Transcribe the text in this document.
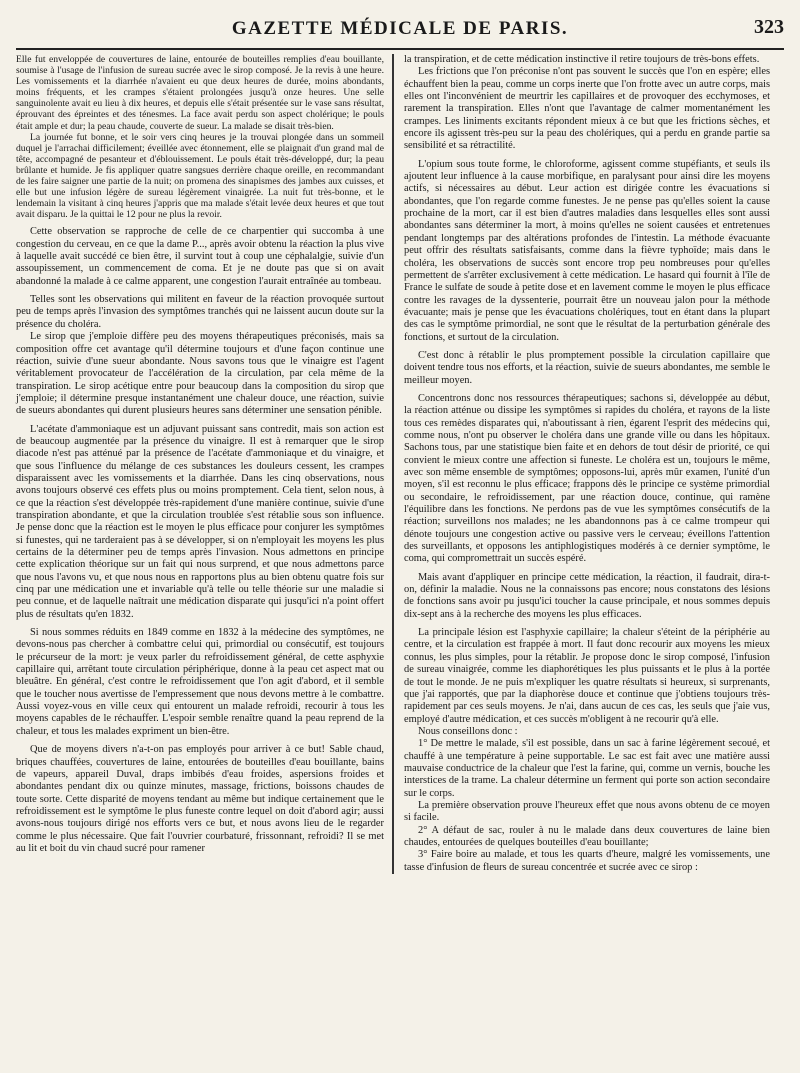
GAZETTE MÉDICALE DE PARIS.	323

Elle fut enveloppée de couvertures de laine, entourée de bouteilles remplies d'eau bouillante, soumise à l'usage de l'infusion de sureau sucrée avec le sirop composé. Je la revis à une heure. Les vomissements et la diarrhée n'avaient eu que deux heures de durée, moins abondants, moins fréquents, et les crampes s'étaient prolongées jusqu'à onze heures. Une selle sanguinolente avait eu lieu à dix heures, et depuis elle s'était présentée sur le vase sans résultat, éprouvant des épreintes et des ténesmes. La face avait perdu son aspect cholérique; le pouls était ample et dur; la peau chaude, couverte de sueur. La malade se disait très-bien.

La journée fut bonne, et le soir vers cinq heures je la trouvai plongée dans un sommeil duquel je l'arrachai difficilement; éveillée avec étonnement, elle se plaignait d'un grand mal de tête, accompagné de pesanteur et d'éblouissement. Le pouls était très-développé, dur; la peau brûlante et humide. Je fis appliquer quatre sangsues derrière chaque oreille, en recommandant de les faire saigner une partie de la nuit; on promena des sinapismes des jambes aux cuisses, et elle but une infusion légère de sureau légèrement vinaigrée. La nuit fut très-bonne, et le lendemain la visitant à cinq heures j'appris que ma malade s'était levée deux heures et que tout avait disparu. Je la quittai le 12 pour ne plus la revoir.

Cette observation se rapproche de celle de ce charpentier qui succomba à une congestion du cerveau, en ce que la dame P..., après avoir obtenu la réaction la plus vive à laquelle avait succédé ce bien être, il survint tout à coup une céphalalgie, suivie d'un assoupissement, un commencement de coma. Et je ne doute pas que si on avait abandonné la malade à ce calme apparent, une congestion l'aurait entraînée au tombeau.

Telles sont les observations qui militent en faveur de la réaction provoquée surtout peu de temps après l'invasion des symptômes tranchés qui ne laissent aucun doute sur la présence du choléra.

Le sirop que j'emploie diffère peu des moyens thérapeutiques préconisés, mais sa composition offre cet avantage qu'il détermine toujours et d'une façon continue une réaction, suivie d'une sueur abondante. Nous savons tous que le vinaigre est l'agent véritablement provocateur de l'accélération de la circulation, par cela même de la transpiration. Le sirop acétique entre pour beaucoup dans la composition du sirop que j'emploie; il détermine presque instantanément une chaleur douce, une réaction, suivie de sueurs abondantes qui durent plusieurs heures sans déterminer une sensation pénible.

L'acétate d'ammoniaque est un adjuvant puissant sans contredit, mais son action est de beaucoup augmentée par la présence du vinaigre. Il est à remarquer que le sirop diacode n'est pas atténué par la présence de l'acétate d'ammoniaque et du vinaigre, et que sous l'influence du mélange de ces substances les douleurs cessent, les crampes disparaissent avec les vomissements et la diarrhée. Dans les cinq observations, nous avons toujours observé ces effets plus ou moins promptement. Cela tient, selon nous, à ce que la réaction s'est développée très-rapidement d'une manière continue, suivie d'une transpiration abondante, et que la circulation troublée s'est rétablie sous son influence. Je pense donc que la réaction est le moyen le plus efficace pour conjurer les symptômes si funestes, qui ne tarderaient pas à se développer, si on n'employait les moyens les plus certains de la déterminer peu de temps après l'invasion. Nous admettons en principe cette explication théorique sur un fait qui nous surprend, et que nous admettons parce que nous l'avons vu, et que nous nous en rapportons plus au bien obtenu quatre fois sur cinq par une médication une et invariable qu'à telle ou telle théorie sur une maladie si peu connue, et de laquelle naîtrait une médication disparate qui jusqu'ici n'a point offert plus de résultats qu'en 1832.

Si nous sommes réduits en 1849 comme en 1832 à la médecine des symptômes, ne devons-nous pas chercher à combattre celui qui, primordial ou consécutif, est toujours le précurseur de la mort: je veux parler du refroidissement général, de cette asphyxie capillaire qui, arrêtant toute circulation périphérique, donne à la peau cet aspect mat ou bleuâtre. En général, c'est contre le refroidissement que l'on agit d'abord, et il semble que le toucher nous avertisse de l'empressement que nous devons mettre à le combattre. Aussi voyez-vous en ville ceux qui entourent un malade refroidi, recourir à tous les moyens capables de le réchauffer. L'espoir semble renaître quand la peau reprend de la chaleur, et tous les malades expriment un bien-être.

Que de moyens divers n'a-t-on pas employés pour arriver à ce but! Sable chaud, briques chauffées, couvertures de laine, entourées de bouteilles d'eau bouillante, bains de vapeurs, appareil Duval, draps imbibés d'eau froides, aspersions froides et abondantes pendant dix ou quinze minutes, massage, frictions, boissons chaudes de toute sorte. Cette disparité de moyens tendant au même but indique certainement que le refroidissement est le symptôme le plus funeste contre lequel on doit d'abord agir; aussi avons-nous toujours dirigé nos efforts vers ce but, et nous avons lieu de le regarder comme le plus nécessaire. Que fait l'ouvrier courbaturé, frissonnant, refroidi? Il se met au lit et boit du vin chaud sucré pour ramener

la transpiration, et de cette médication instinctive il retire toujours de très-bons effets.

Les frictions que l'on préconise n'ont pas souvent le succès que l'on en espère; elles échauffent bien la peau, comme un corps inerte que l'on frotte avec un autre corps, mais elles ont l'inconvénient de meurtrir les capillaires et de provoquer des ecchymoses, et rarement la transpiration. Elles n'ont que l'avantage de calmer momentanément les crampes. Les liniments excitants répondent mieux à ce but que les frictions sèches, et encore ils agissent très-peu sur la peau des cholériques, qui a perdu en grande partie sa sensibilité et sa rétractilité.

L'opium sous toute forme, le chloroforme, agissent comme stupéfiants, et seuls ils ajoutent leur influence à la cause morbifique, en paralysant pour ainsi dire les moyens actifs, si nécessaires au début. Leur action est dirigée contre les évacuations si abondantes, que l'on regarde comme funestes. Je ne pense pas qu'elles soient la cause prochaine de la mort, car il est bien d'autres maladies dans lesquelles elles sont aussi abondantes sans déterminer la mort, à moins qu'elles ne soient causées et entretenues pendant longtemps par des altérations profondes de l'intestin. La méthode évacuante peut offrir des résultats satisfaisants, comme dans la fièvre typhoïde; mais dans le choléra, les observations de succès sont encore trop peu nombreuses pour qu'elles permettent de s'arrêter exclusivement à cette médication. Le hasard qui fournit à l'île de France le sulfate de soude à petite dose et en lavement comme le moyen le plus efficace contre les ravages de la dyssenterie, pourrait être un nouveau jalon pour la méthode évacuante; mais je pense que les évacuations cholériques, tout en étant dans la plupart des cas le symptôme primordial, ne sont que le résultat de la perturbation générale des fonctions, et surtout de la circulation.

C'est donc à rétablir le plus promptement possible la circulation capillaire que doivent tendre tous nos efforts, et la réaction, suivie de sueurs abondantes, me semble le meilleur moyen.

Concentrons donc nos ressources thérapeutiques; sachons si, développée au début, la réaction atténue ou dissipe les symptômes si rapides du choléra, et rayons de la liste tous ces remèdes disparates qui, n'aboutissant à rien, égarent l'esprit des médecins qui, comme nous, n'ont pu observer le choléra dans une grande ville ou dans les hôpitaux. Sachons tous, par une statistique bien faite et en dehors de tout désir de priorité, ce qui convient le mieux contre une affection si funeste. Le choléra est un, toujours le même, avec son même ensemble de symptômes; opposons-lui, après mûr examen, l'unité d'un moyen, s'il est reconnu le plus efficace; frappons dès le principe ce système primordial ou secondaire, le refroidissement, par une réaction douce, continue, qui ramène l'équilibre dans les fonctions. Ne perdons pas de vue les symptômes consécutifs de la réaction; surveillons nos malades; ne les abandonnons pas à ce calme trompeur qui dénote toujours une congestion active ou passive vers le cerveau; éveillons l'attention des surveillants, et opposons les antiphlogistiques modérés à ce dernier symptôme, le coma, qui compromettrait un succès espéré.

Mais avant d'appliquer en principe cette médication, la réaction, il faudrait, dira-t-on, définir la maladie. Nous ne la connaissons pas encore; nous constatons des lésions de fonctions sans avoir pu jusqu'ici toucher la cause principale, et nous sommes depuis dix-sept ans à la recherche des moyens les plus efficaces.

La principale lésion est l'asphyxie capillaire; la chaleur s'éteint de la périphérie au centre, et la circulation est frappée à mort. Il faut donc recourir aux moyens les mieux connus, les plus simples, pour la rétablir. Je propose donc le sirop composé, l'infusion de sureau vinaigrée, comme les diaphorétiques les plus puissants et le plus à la portée de tout le monde. Je ne puis m'expliquer les quatre résultats si heureux, si surprenants, que j'ai rapportés, que par la diaphorèse douce et continue que j'obtiens toujours très-rapidement par ces seuls moyens. Je n'ai, dans aucun de ces cas, les seuls que j'aie vus, employé d'autre médication, et ces succès m'obligent à ne recourir qu'à elle.

Nous conseillons donc :

1° De mettre le malade, s'il est possible, dans un sac à farine légèrement secoué, et chauffé à une température à peine supportable. Le sac est fait avec une matière aussi mauvaise conductrice de la chaleur que l'est la farine, qui, comme un vernis, bouche les interstices de la trame. La chaleur détermine un ferment qui porte son action secondaire sur le corps.

La première observation prouve l'heureux effet que nous avons obtenu de ce moyen si facile.

2° A défaut de sac, rouler à nu le malade dans deux couvertures de laine bien chaudes, entourées de quelques bouteilles d'eau bouillante;

3° Faire boire au malade, et tous les quarts d'heure, malgré les vomissements, une tasse d'infusion de fleurs de sureau concentrée et sucrée avec ce sirop :
